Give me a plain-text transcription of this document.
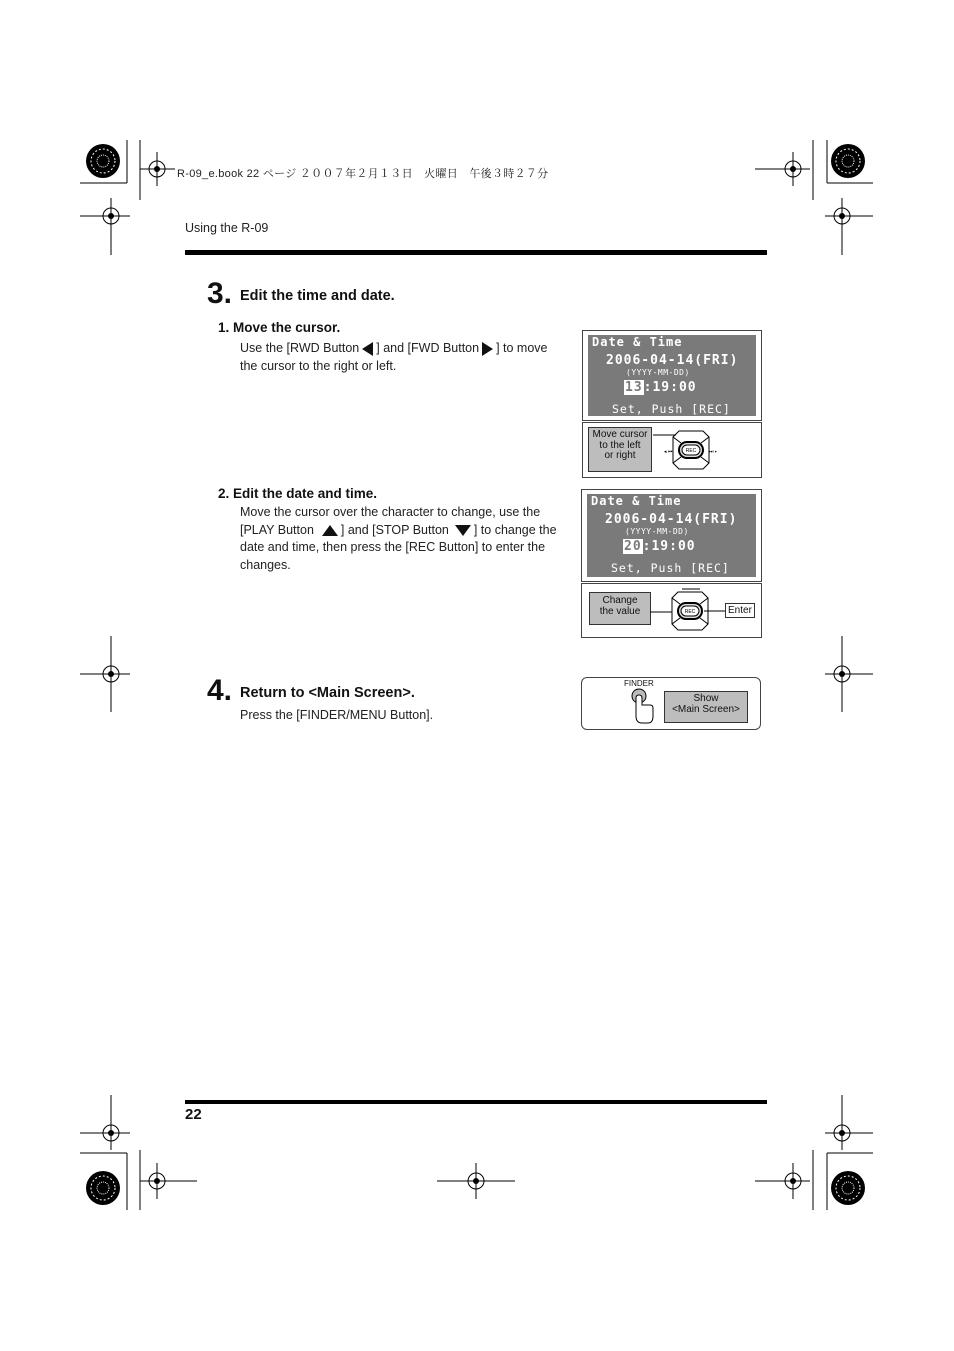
R-09_e.book 22 ページ ２００７年２月１３日　火曜日　午後３時２７分
Using the R-09
3. Edit the time and date.
1. Move the cursor.
Use the [RWD Button ] and [FWD Button ] to move
the cursor to the right or left.
2. Edit the date and time.
Move the cursor over the character to change, use the
[PLAY Button ] and [STOP Button ] to change the
date and time, then press the [REC Button] to enter the
changes.
Date & Time
2006-04-14(FRI)
(YYYY-MM-DD)
13:19:00
Set, Push [REC]
Move cursor
to the left
or right	REC
◂ ⏮	⏭ ▸
Date & Time
2006-04-14(FRI)
(YYYY-MM-DD)
20:19:00
Set, Push [REC]
Change
the value	REC	Enter
4. Return to <Main Screen>.
Press the [FINDER/MENU Button].
FINDER
Show
<Main Screen>
22
